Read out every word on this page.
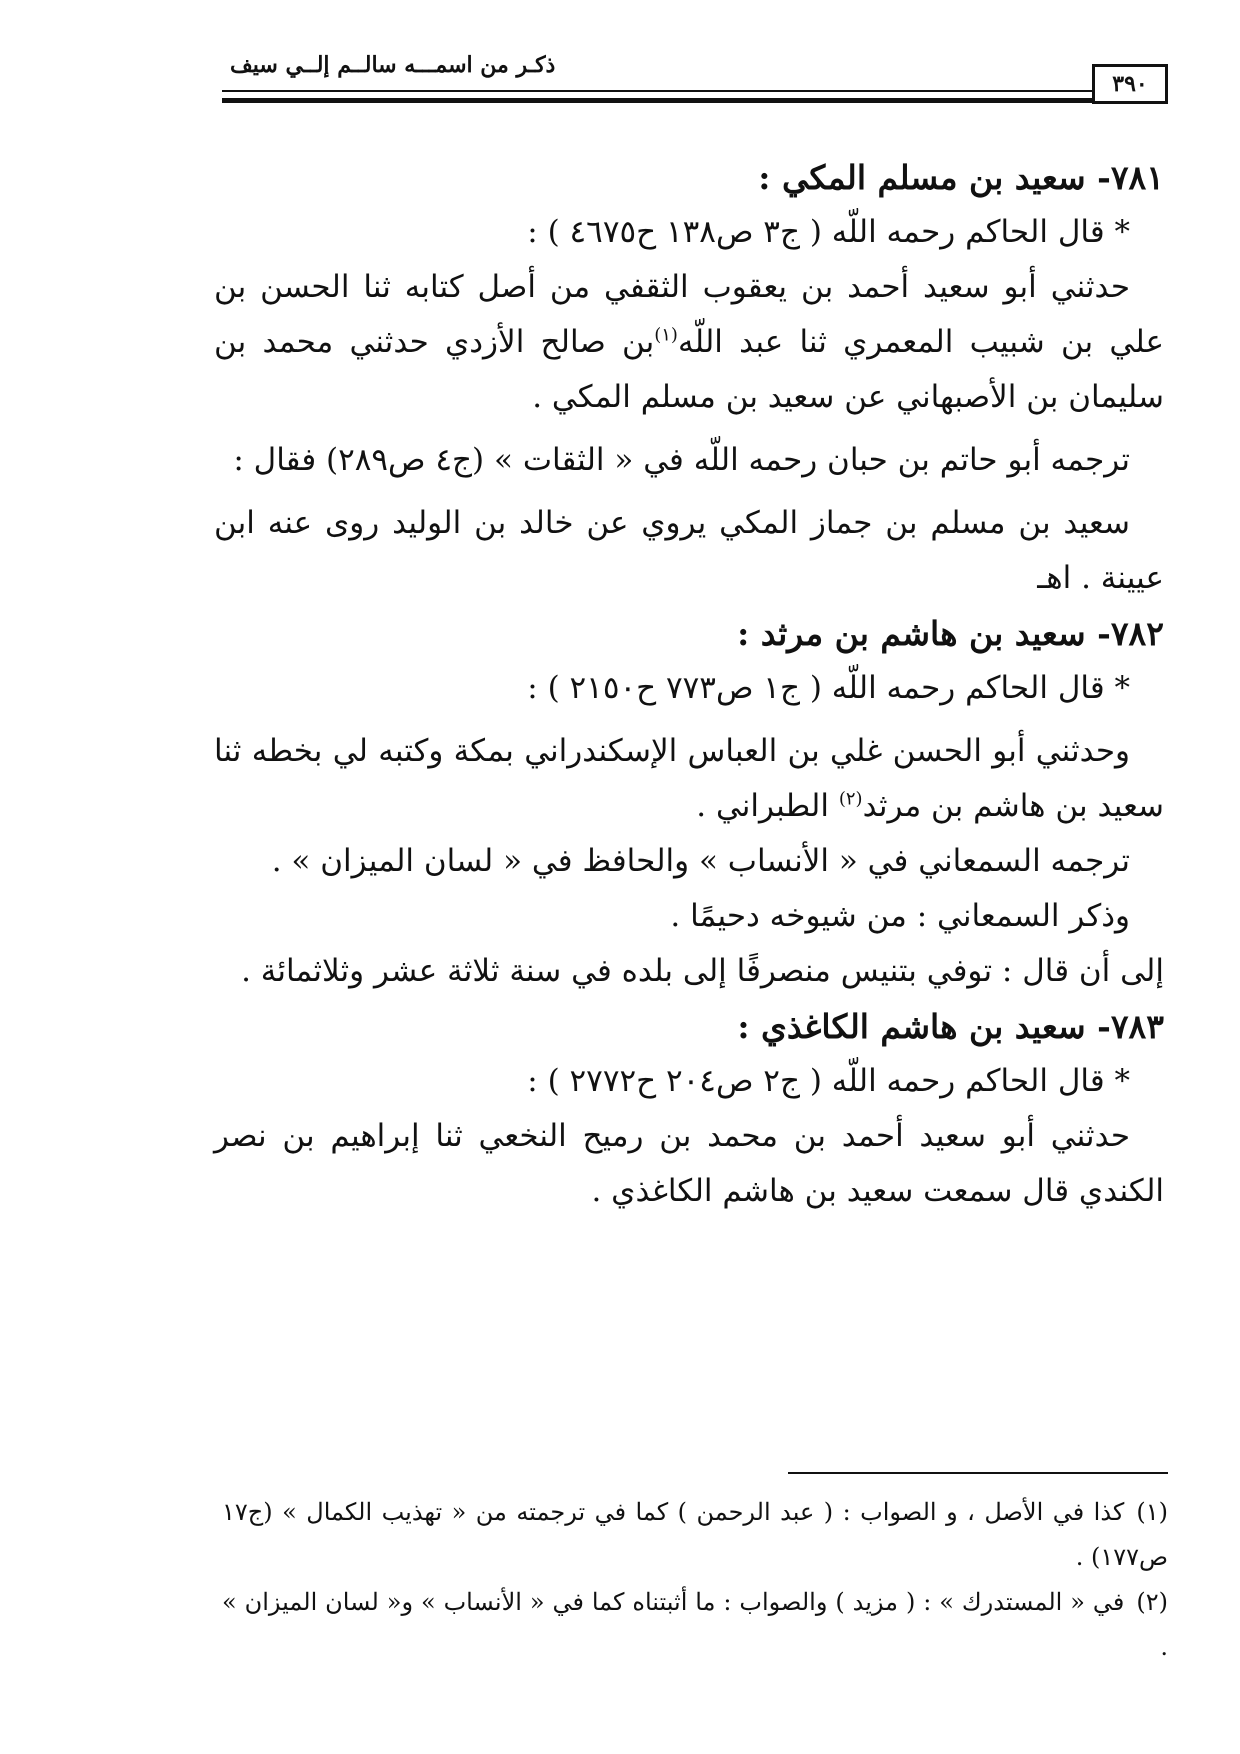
ذكـر من اسمـــه سالــم إلــي سيف
٣٩٠

٧٨١- سعيد بن مسلم المكي :

* قال الحاكم رحمه اللّه ( ج٣ ص١٣٨ ح٤٦٧٥ ) :

حدثني أبو سعيد أحمد بن يعقوب الثقفي من أصل كتابه ثنا الحسن بن علي بن شبيب المعمري ثنا عبد اللّه$^{(١)}$بن صالح الأزدي حدثني محمد بن سليمان بن الأصبهاني عن سعيد بن مسلم المكي .

ترجمه أبو حاتم بن حبان رحمه اللّه في « الثقات » (ج٤ ص٢٨٩) فقال :

سعيد بن مسلم بن جماز المكي يروي عن خالد بن الوليد روى عنه ابن عيينة . اهـ

٧٨٢- سعيد بن هاشم بن مرثد :

* قال الحاكم رحمه اللّه ( ج١ ص٧٧٣ ح٢١٥٠ ) :

وحدثني أبو الحسن غلي بن العباس الإسكندراني بمكة وكتبه لي بخطه ثنا سعيد بن هاشم بن مرثد$^{(٢)}$ الطبراني .

ترجمه السمعاني في « الأنساب » والحافظ في « لسان الميزان » .

وذكر السمعاني : من شيوخه دحيمًا .

إلى أن قال : توفي بتنيس منصرفًا إلى بلده في سنة ثلاثة عشر وثلاثمائة .

٧٨٣- سعيد بن هاشم الكاغذي :

* قال الحاكم رحمه اللّه ( ج٢ ص٢٠٤ ح٢٧٧٢ ) :

حدثني أبو سعيد أحمد بن محمد بن رميح النخعي ثنا إبراهيم بن نصر الكندي قال سمعت سعيد بن هاشم الكاغذي .

(١)كذا في الأصل ، و الصواب : ( عبد الرحمن ) كما في ترجمته من « تهذيب الكمال » (ج١٧ ص١٧٧) .

(٢)في « المستدرك » : ( مزيد ) والصواب : ما أثبتناه كما في « الأنساب » و« لسان الميزان » .
